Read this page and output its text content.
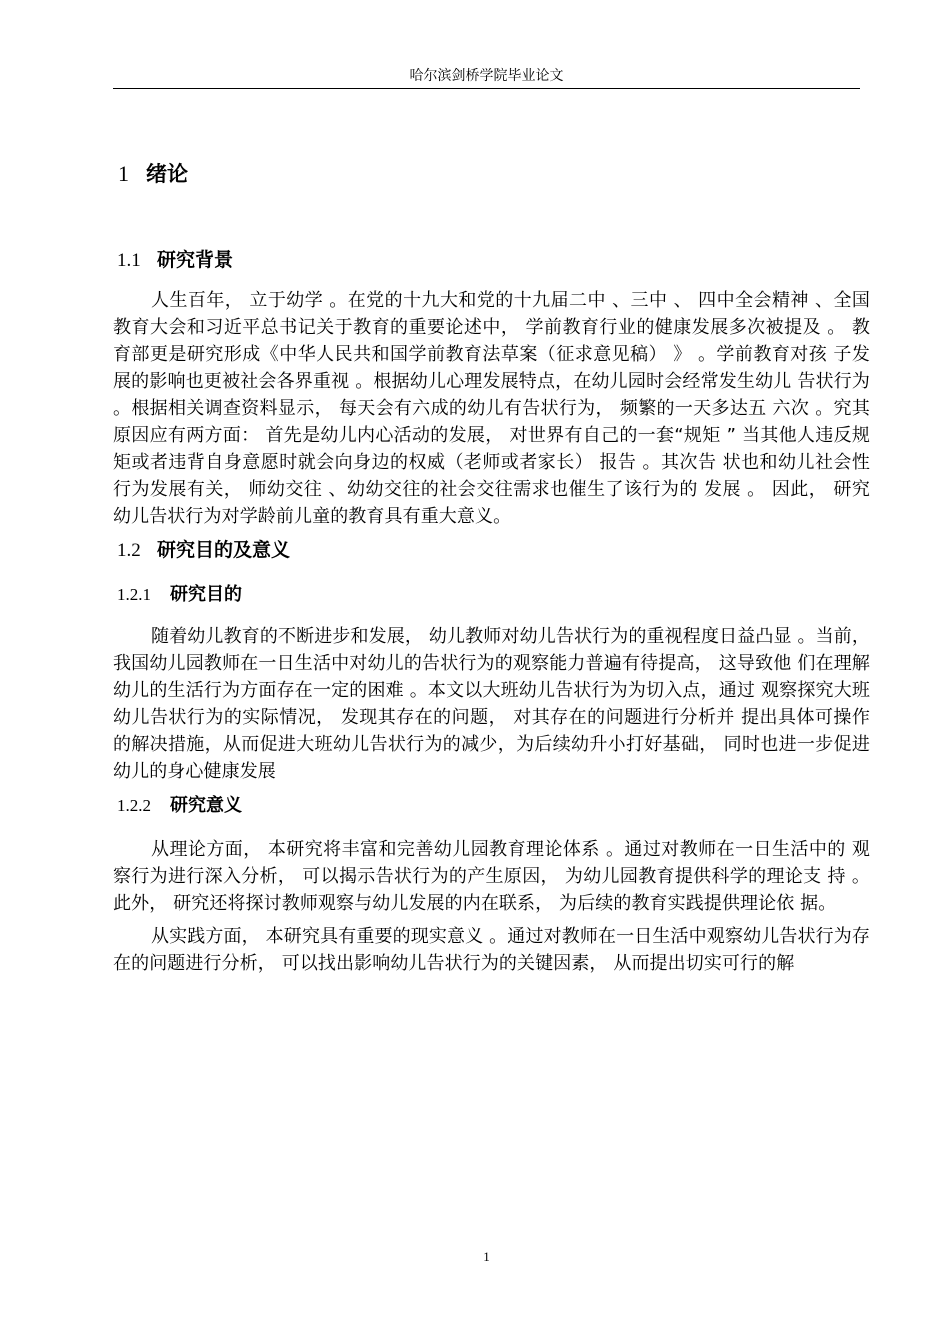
哈尔滨剑桥学院毕业论文
1 绪论
1.1 研究背景

人生百年， 立于幼学 。在党的十九大和党的十九届二中 、三中 、 四中全会精神 、全国 教育大会和习近平总书记关于教育的重要论述中， 学前教育行业的健康发展多次被提及 。 教育部更是研究形成《中华人民共和国学前教育法草案（征求意见稿） 》 。学前教育对孩 子发展的影响也更被社会各界重视 。根据幼儿心理发展特点，在幼儿园时会经常发生幼儿 告状行为 。根据相关调查资料显示， 每天会有六成的幼儿有告状行为， 频繁的一天多达五 六次 。究其原因应有两方面： 首先是幼儿内心活动的发展， 对世界有自己的一套“规矩 ” 当其他人违反规矩或者违背自身意愿时就会向身边的权威（老师或者家长） 报告 。其次告 状也和幼儿社会性行为发展有关， 师幼交往 、幼幼交往的社会交往需求也催生了该行为的 发展 。 因此， 研究幼儿告状行为对学龄前儿童的教育具有重大意义。

1.2 研究目的及意义
1.2.1	研究目的

随着幼儿教育的不断进步和发展， 幼儿教师对幼儿告状行为的重视程度日益凸显 。当前， 我国幼儿园教师在一日生活中对幼儿的告状行为的观察能力普遍有待提高， 这导致他 们在理解幼儿的生活行为方面存在一定的困难 。本文以大班幼儿告状行为为切入点，通过 观察探究大班幼儿告状行为的实际情况， 发现其存在的问题， 对其存在的问题进行分析并 提出具体可操作的解决措施，从而促进大班幼儿告状行为的减少，为后续幼升小打好基础， 同时也进一步促进幼儿的身心健康发展

1.2.2	研究意义

从理论方面， 本研究将丰富和完善幼儿园教育理论体系 。通过对教师在一日生活中的 观察行为进行深入分析， 可以揭示告状行为的产生原因， 为幼儿园教育提供科学的理论支 持 。此外， 研究还将探讨教师观察与幼儿发展的内在联系， 为后续的教育实践提供理论依 据。

从实践方面， 本研究具有重要的现实意义 。通过对教师在一日生活中观察幼儿告状行为存在的问题进行分析， 可以找出影响幼儿告状行为的关键因素， 从而提出切实可行的解

1
